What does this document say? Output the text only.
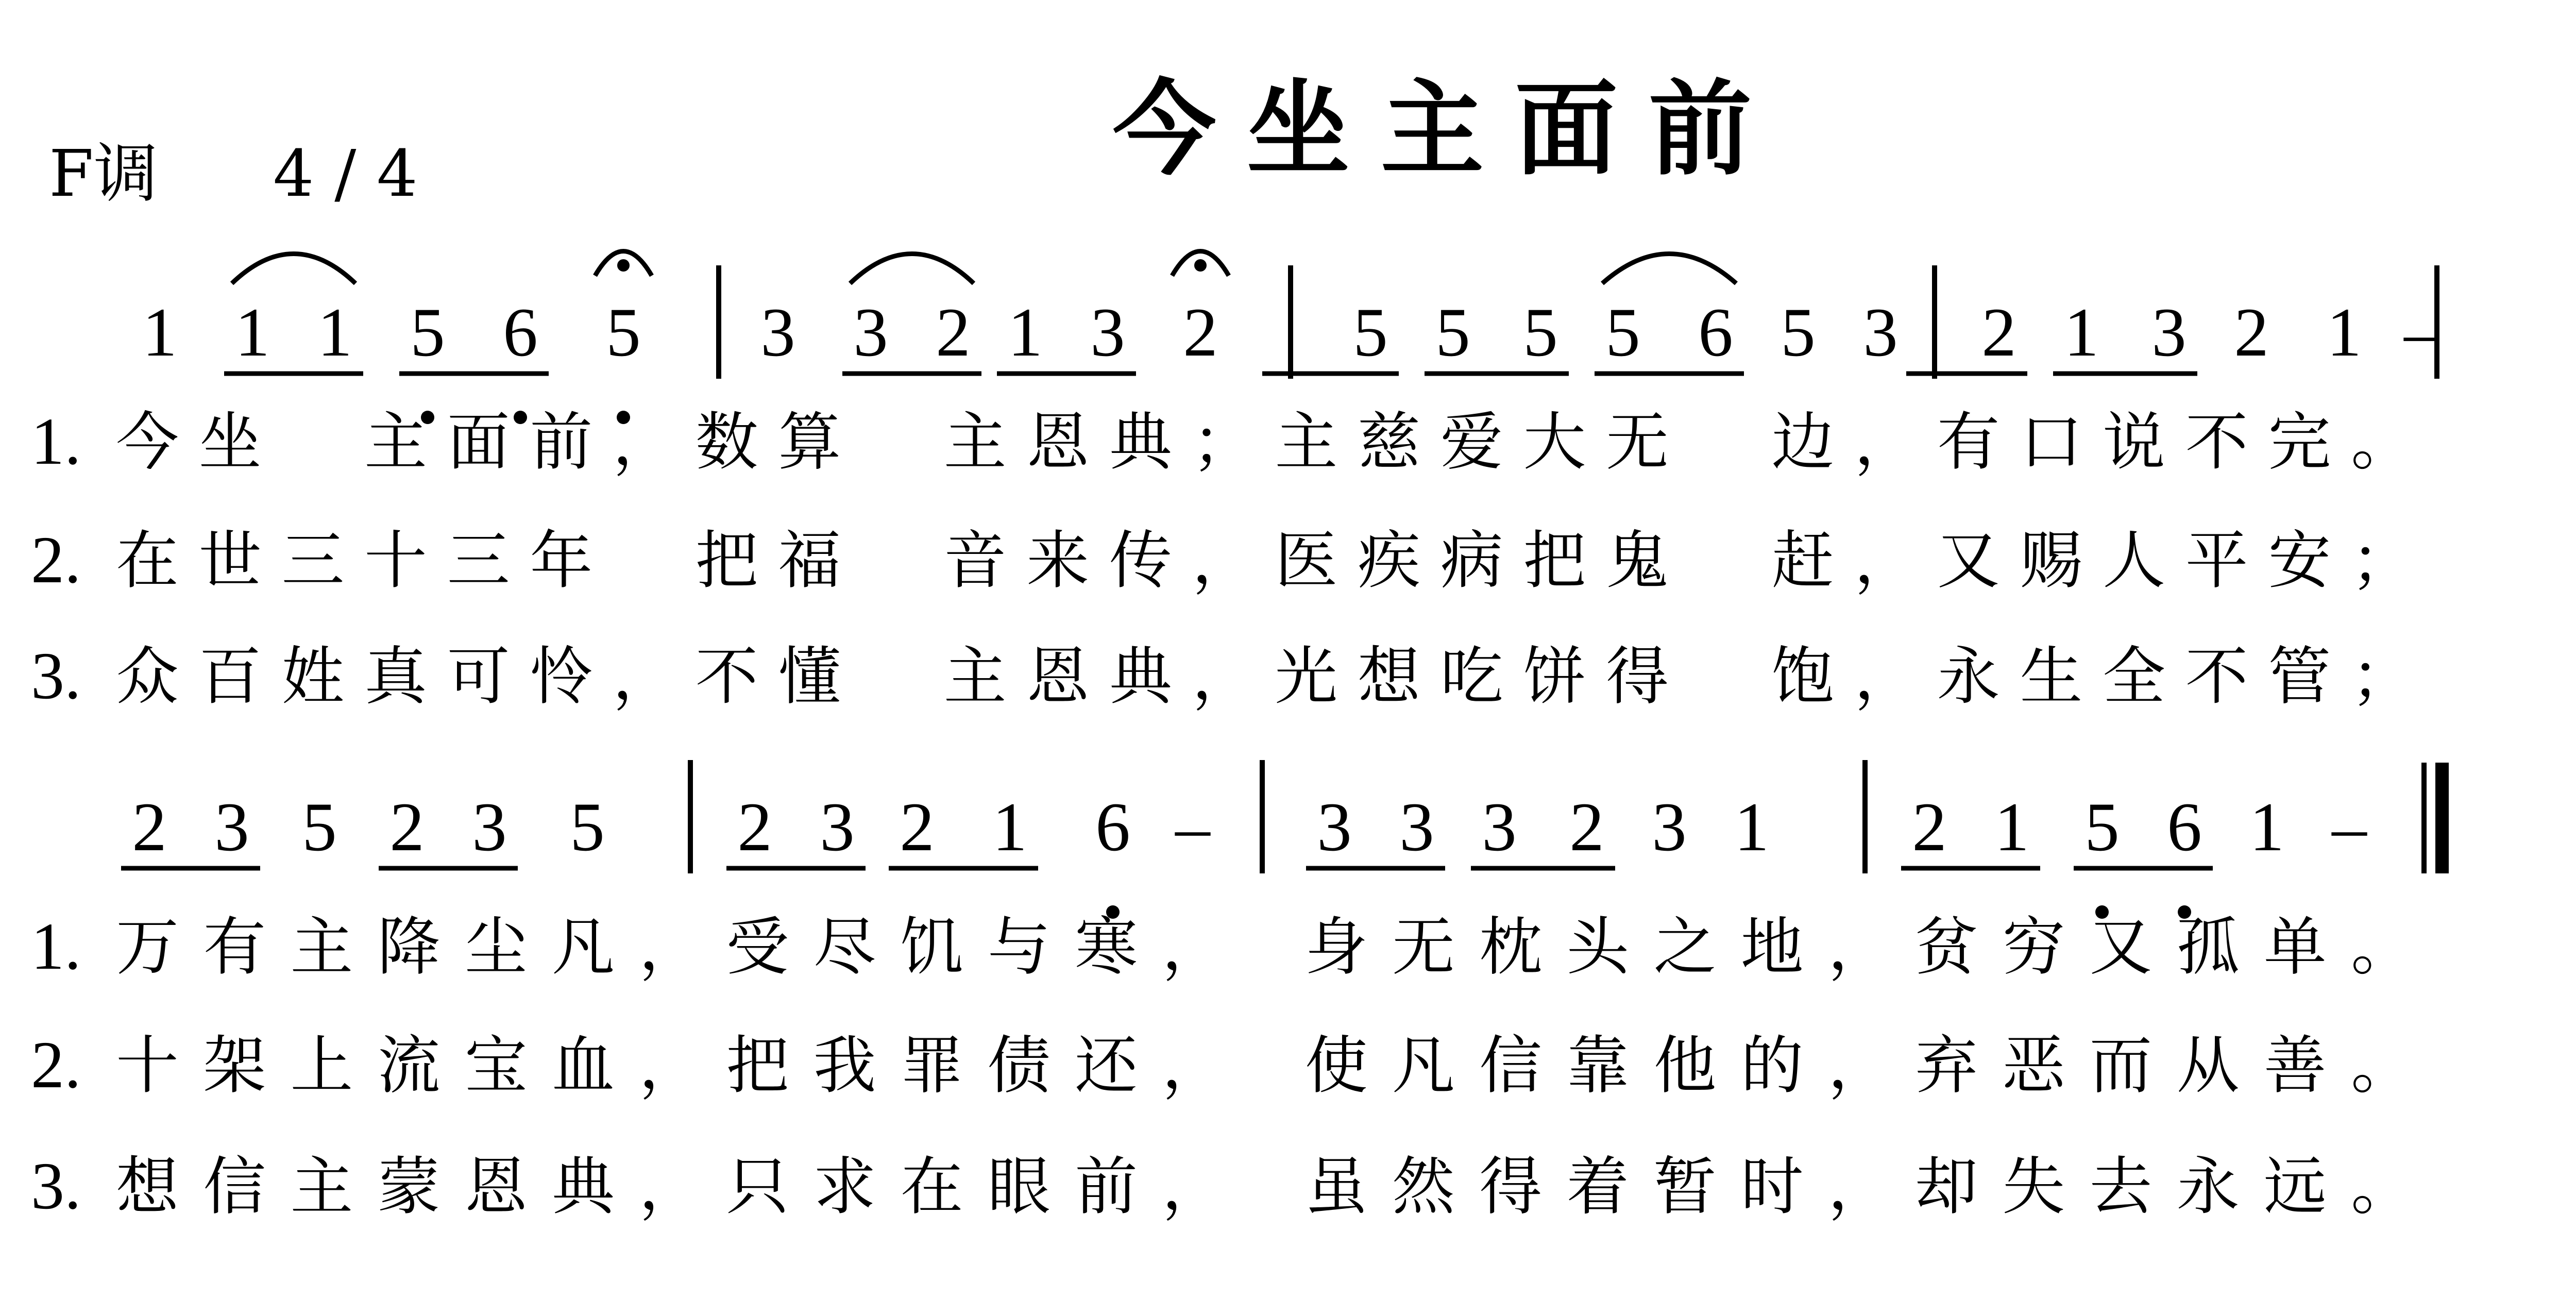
今坐主面前
F调 4 / 4
1 1 1 5 6 5 3 3 2 1 3 2 5 5 5 5 6 5 3 2 1 3 2 1 –
2 3 5 2 3 5 2 3 2 1 6 – 3 3 3 2 3 1 2 1 5 6 1 –
1. 今坐　主面前，数算　主恩典；主慈爱大无　边，有口说不完。
2. 在世三十三年　把福　音来传，医疾病把鬼　赶，又赐人平安；
3. 众百姓真可怜，不懂　主恩典，光想吃饼得　饱，永生全不管；
1. 万有主降尘凡，受尽饥与寒，　身无枕头之地，贫穷又孤单。
2. 十架上流宝血，把我罪债还，　使凡信靠他的，弃恶而从善。
3. 想信主蒙恩典，只求在眼前，　虽然得着暂时，却失去永远。
